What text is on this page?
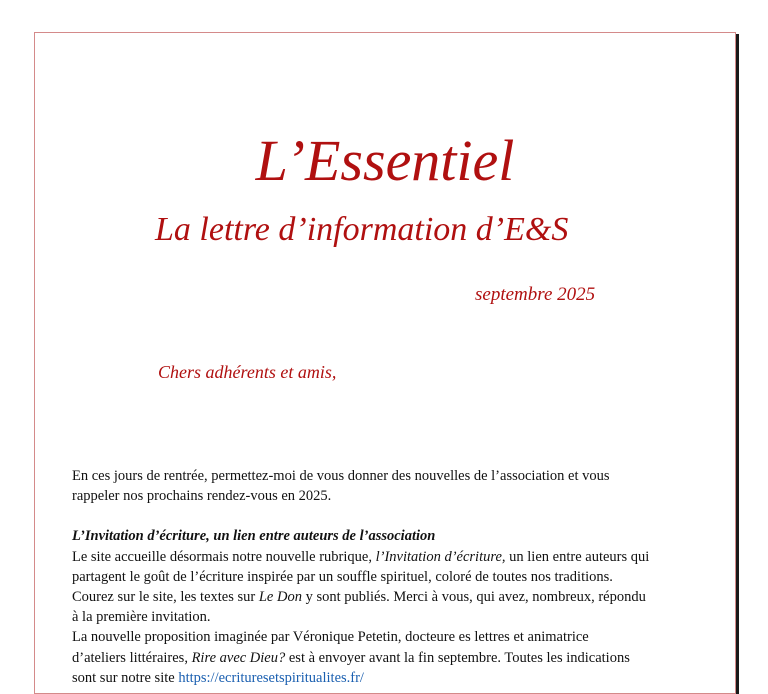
L’Essentiel
La lettre d’information d’E&S
septembre 2025
Chers adhérents et amis,

En ces jours de rentrée, permettez-moi de vous donner des nouvelles de l’association et vous

rappeler nos prochains rendez-vous en 2025.

L’Invitation d’écriture, un lien entre auteurs de l’association

Le site accueille désormais notre nouvelle rubrique, l’Invitation d’écriture, un lien entre auteurs qui

partagent le goût de l’écriture inspirée par un souffle spirituel, coloré de toutes nos traditions.

Courez sur le site, les textes sur Le Don y sont publiés. Merci à vous, qui avez, nombreux, répondu

à la première invitation.

La nouvelle proposition imaginée par Véronique Petetin, docteure es lettres et animatrice

d’ateliers littéraires, Rire avec Dieu? est à envoyer avant la fin septembre. Toutes les indications

sont sur notre site https://ecrituresetspiritualites.fr/
